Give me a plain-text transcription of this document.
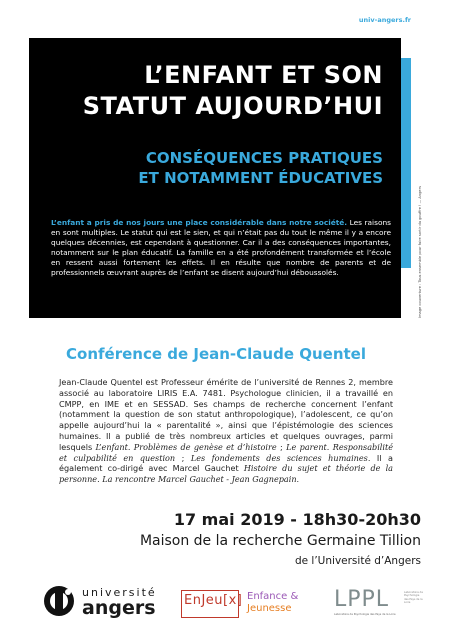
univ-angers.fr
L’ENFANT ET SON
STATUT AUJOURD’HUI
CONSÉQUENCES PRATIQUES
ET NOTAMMENT ÉDUCATIVES

L’enfant a pris de nos jours une place considérable dans notre société. Les raisons en sont multiples. Le statut qui est le sien, et qui n’était pas du tout le même il y a encore quelques décennies, est cependant à questionner. Car il a des conséquences importantes, notamment sur le plan éducatif. La famille en a été profondément transformée et l’école en ressent aussi fortement les effets. Il en résulte que nombre de parents et de professionnels œuvrant auprès de l’enfant se disent aujourd’hui déboussolés.	Image couverture : Tous ensemble pour faire sortir du gouffre ! — Angers
Conférence de Jean-Claude Quentel

Jean-Claude Quentel est Professeur émérite de l’université de Rennes 2, membre associé au laboratoire LIRIS E.A. 7481. Psychologue clinicien, il a travaillé en CMPP, en IME et en SESSAD. Ses champs de recherche concernent l’enfant (notamment la question de son statut anthropologique), l’adolescent, ce qu’on appelle aujourd’hui la « parentalité », ainsi que l’épistémologie des sciences humaines. Il a publié de très nombreux articles et quelques ouvrages, parmi lesquels L’enfant. Problèmes de genèse et d’histoire ; Le parent. Responsabilité et culpabilité en question ; Les fondements des sciences humaines. Il a également co-dirigé avec Marcel Gauchet Histoire du sujet et théorie de la personne. La rencontre Marcel Gauchet - Jean Gagnepain.

17 mai 2019 - 18h30-20h30
Maison de la recherche Germaine Tillion
de l’Université d’Angers
université
angers EnJeu[x] Enfance &
Jeunesse LPPL	Laboratoire de Psychologie des Pays de la Loire
Laboratoire de Psychologie des Pays de la Loire
